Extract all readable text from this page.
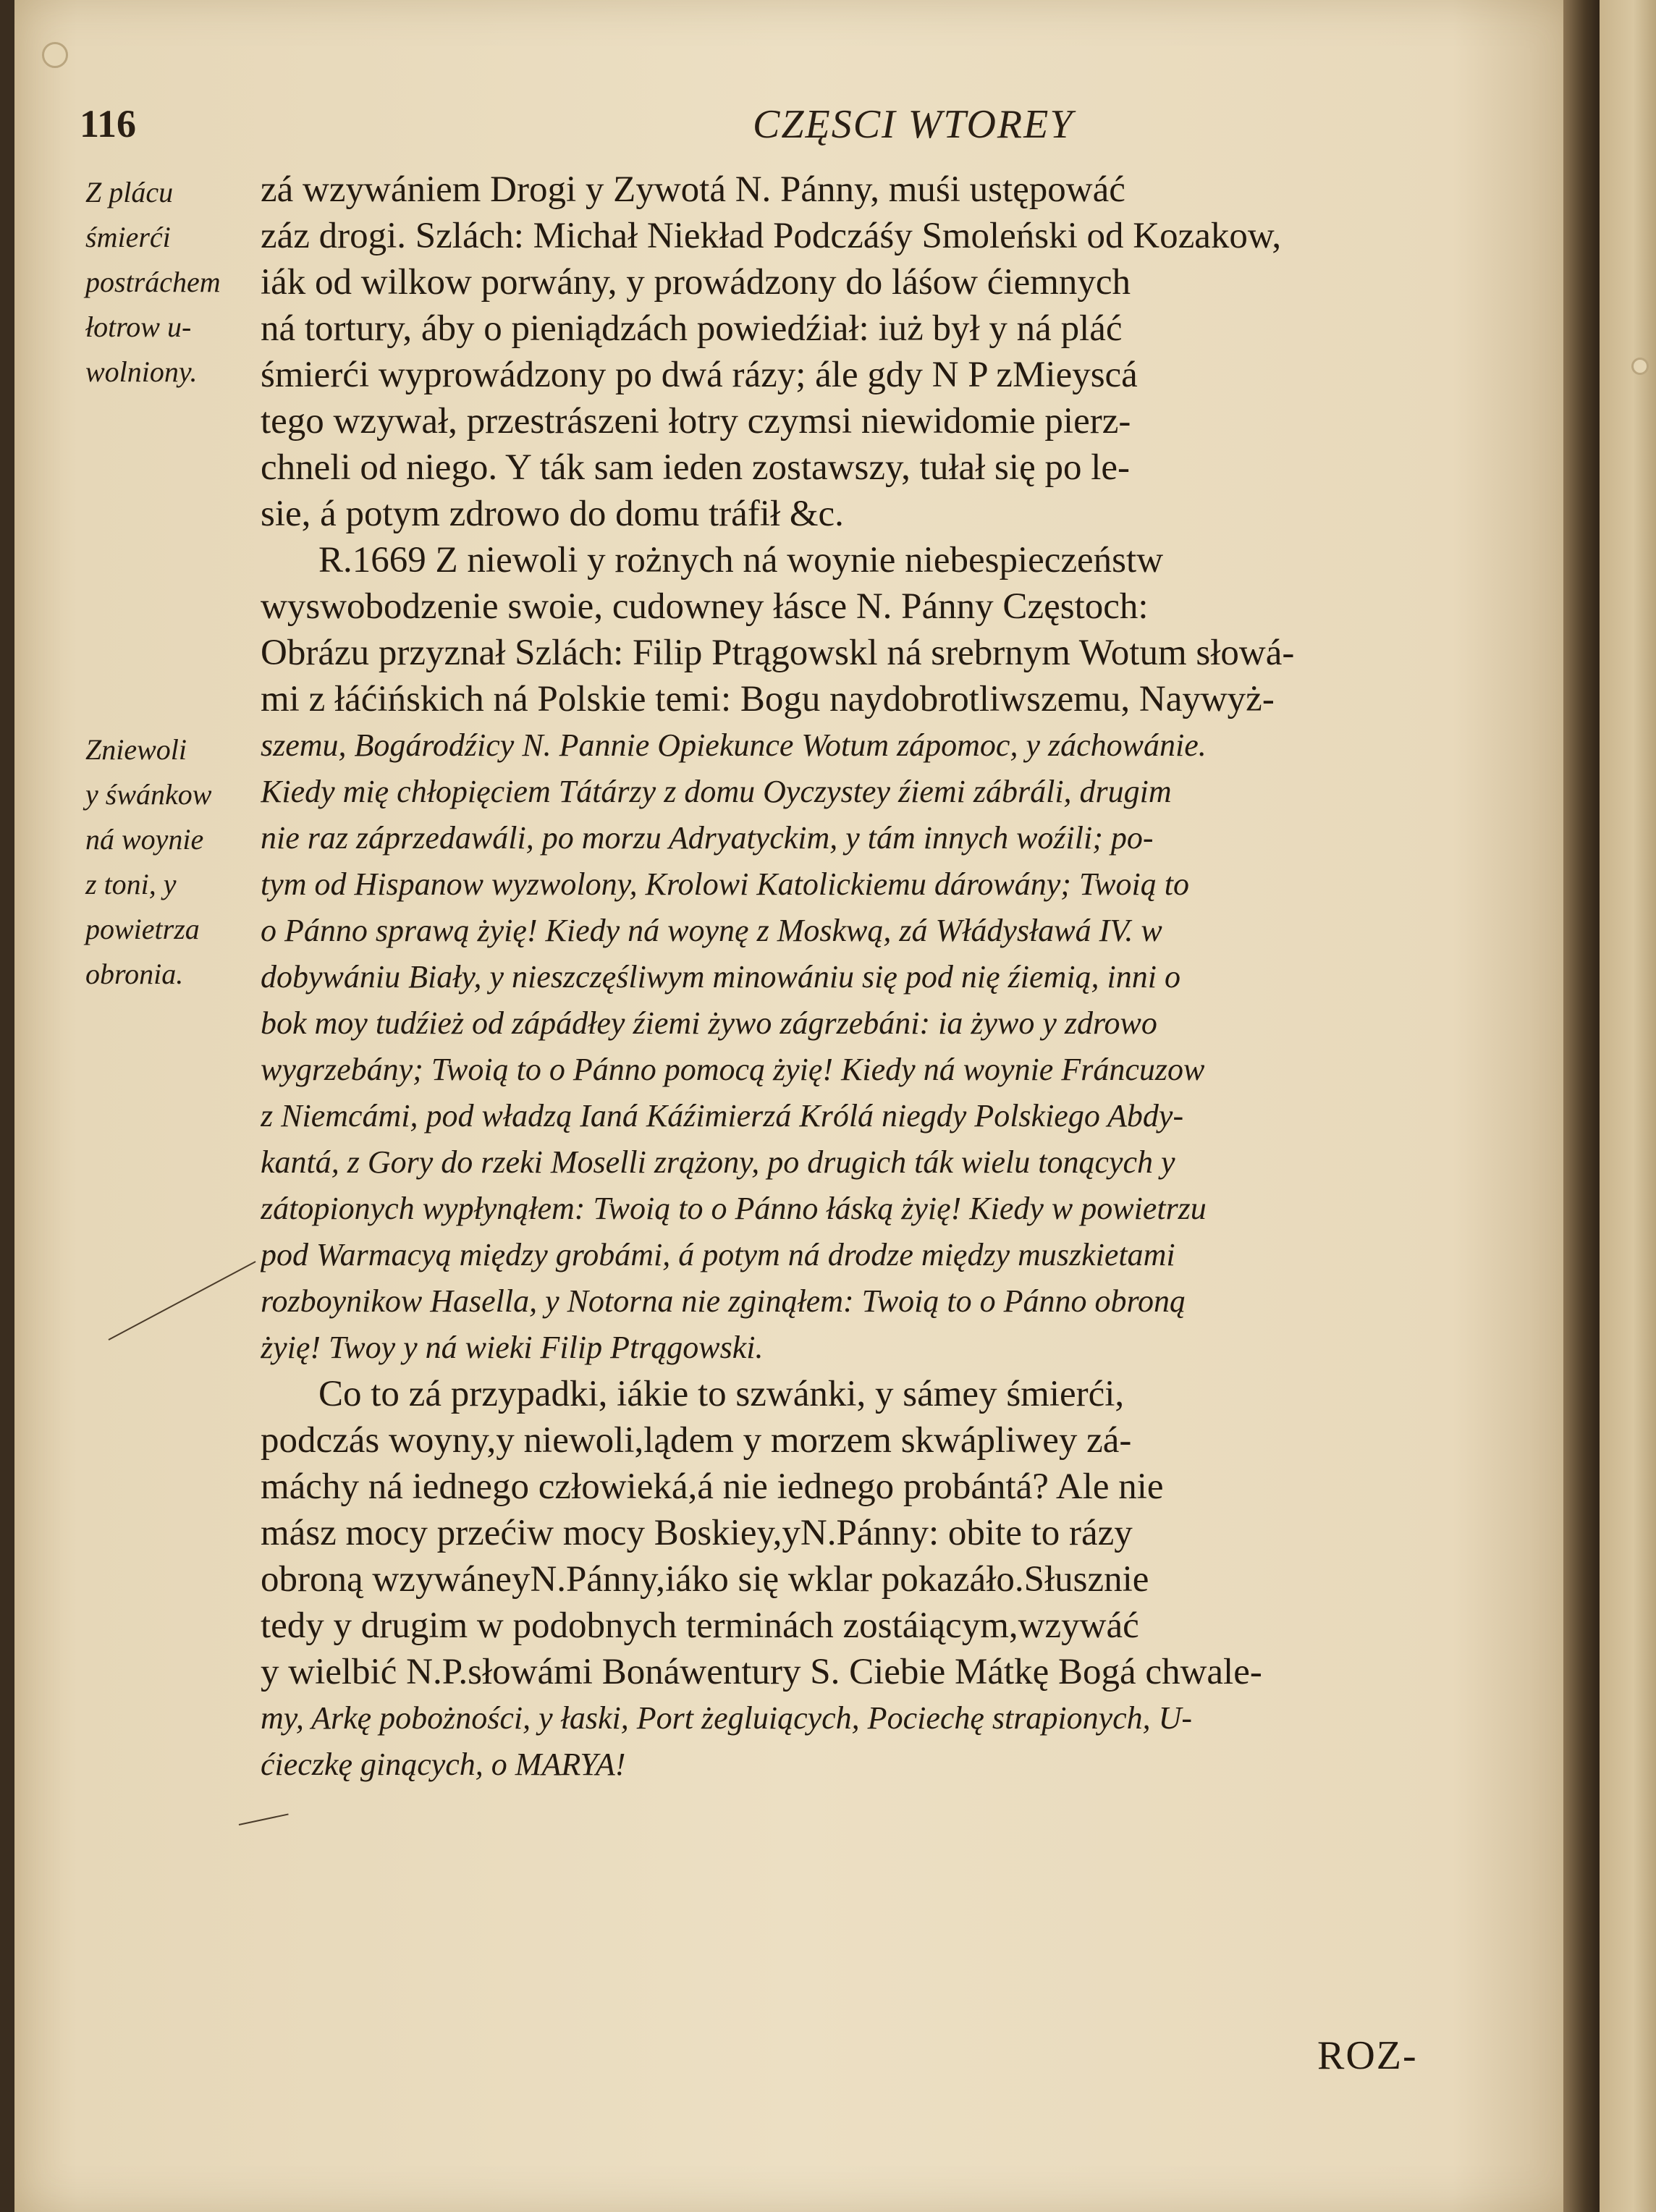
116	CZĘSCI WTOREY
Z plácu
śmierći
postráchem
łotrow u-
wolniony.
Zniewoli
y śwánkow
ná woynie
z toni, y
powietrza
obronia.
zá wzywániem Drogi y Zywotá N. Pánny, muśi ustępowáć
záz drogi. Szlách: Michał Niekład Podczáśy Smoleński od Kozakow,
iák od wilkow porwány, y prowádzony do láśow ćiemnych
ná tortury, áby o pieniądzách powiedźiał: iuż był y ná pláć
śmierći wyprowádzony po dwá rázy; ále gdy N P zMieyscá
tego wzywał, przestrászeni łotry czymsi niewidomie pierz-
chneli od niego. Y ták sam ieden zostawszy, tułał się po le-
sie, á potym zdrowo do domu tráfił &c.
R.1669 Z niewoli y rożnych ná woynie niebespieczeństw
wyswobodzenie swoie, cudowney łásce N. Pánny Częstoch:
Obrázu przyznał Szlách: Filip Ptrągowskl ná srebrnym Wotum słowá-
mi z łáćińskich ná Polskie temi: Bogu naydobrotliwszemu, Naywyż-
szemu, Bogárodźicy N. Pannie Opiekunce Wotum zápomoc, y záchowánie.
Kiedy mię chłopięciem Tátárzy z domu Oyczystey źiemi zábráli, drugim
nie raz záprzedawáli, po morzu Adryatyckim, y tám innych woźili; po-
tym od Hispanow wyzwolony, Krolowi Katolickiemu dárowány; Twoią to
o Pánno sprawą żyię! Kiedy ná woynę z Moskwą, zá Włádysławá IV. w
dobywániu Biały, y nieszczęśliwym minowániu się pod nię źiemią, inni o
bok moy tudźież od zápádłey źiemi żywo zágrzebáni: ia żywo y zdrowo
wygrzebány; Twoią to o Pánno pomocą żyię! Kiedy ná woynie Fráncuzow
z Niemcámi, pod władzą Ianá Káźimierzá Królá niegdy Polskiego Abdy-
kantá, z Gory do rzeki Moselli zrążony, po drugich ták wielu tonących y
zátopionych wypłynąłem: Twoią to o Pánno łáską żyię! Kiedy w powietrzu
pod Warmacyą między grobámi, á potym ná drodze między muszkietami
rozboynikow Hasella, y Notorna nie zginąłem: Twoią to o Pánno obroną
żyię! Twoy y ná wieki Filip Ptrągowski.
Co to zá przypadki, iákie to szwánki, y sámey śmierći,
podczás woyny,y niewoli,lądem y morzem skwápliwey zá-
máchy ná iednego człowieká,á nie iednego probántá? Ale nie
mász mocy przećiw mocy Boskiey,yN.Pánny: obite to rázy
obroną wzywáneyN.Pánny,iáko się wklar pokazáło.Słusznie
tedy y drugim w podobnych terminách zostáiącym,wzywáć
y wielbić N.P.słowámi Bonáwentury S. Ciebie Mátkę Bogá chwale-
my, Arkę pobożności, y łaski, Port żegluiących, Pociechę strapionych, U-
ćieczkę ginących, o MARYA!
ROZ-
